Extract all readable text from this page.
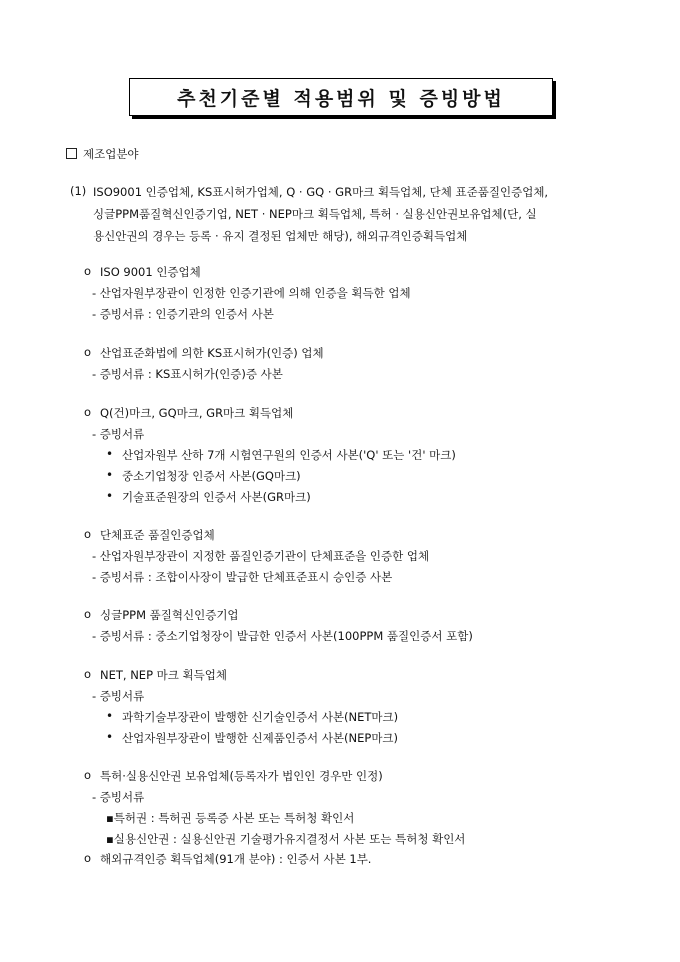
추천기준별 적용범위 및 증빙방법
제조업분야
(1) ISO9001 인증업체, KS표시허가업체, Q · GQ · GR마크 획득업체, 단체 표준품질인증업체,
싱글PPM품질혁신인증기업, NET · NEP마크 획득업체, 특허 · 실용신안권보유업체(단, 실
용신안권의 경우는 등록 · 유지 결정된 업체만 해당), 해외규격인증획득업체
o ISO 9001 인증업체
- 산업자원부장관이 인정한 인증기관에 의해 인증을 획득한 업체
- 증빙서류 : 인증기관의 인증서 사본
o 산업표준화법에 의한 KS표시허가(인증) 업체
- 증빙서류 : KS표시허가(인증)증 사본
o Q(건)마크, GQ마크, GR마크 획득업체
- 증빙서류
• 산업자원부 산하 7개 시험연구원의 인증서 사본('Q' 또는 '건' 마크)
• 중소기업청장 인증서 사본(GQ마크)
• 기술표준원장의 인증서 사본(GR마크)
o 단체표준 품질인증업체
- 산업자원부장관이 지정한 품질인증기관이 단체표준을 인증한 업체
- 증빙서류 : 조합이사장이 발급한 단체표준표시 승인증 사본
o 싱글PPM 품질혁신인증기업
- 증빙서류 : 중소기업청장이 발급한 인증서 사본(100PPM 품질인증서 포함)
o NET, NEP 마크 획득업체
- 증빙서류
• 과학기술부장관이 발행한 신기술인증서 사본(NET마크)
• 산업자원부장관이 발행한 신제품인증서 사본(NEP마크)
o 특허·실용신안권 보유업체(등록자가 법인인 경우만 인정)
- 증빙서류
▪특허권 : 특허권 등록증 사본 또는 특허청 확인서
▪실용신안권 : 실용신안권 기술평가유지결정서 사본 또는 특허청 확인서
o 해외규격인증 획득업체(91개 분야) : 인증서 사본 1부.
